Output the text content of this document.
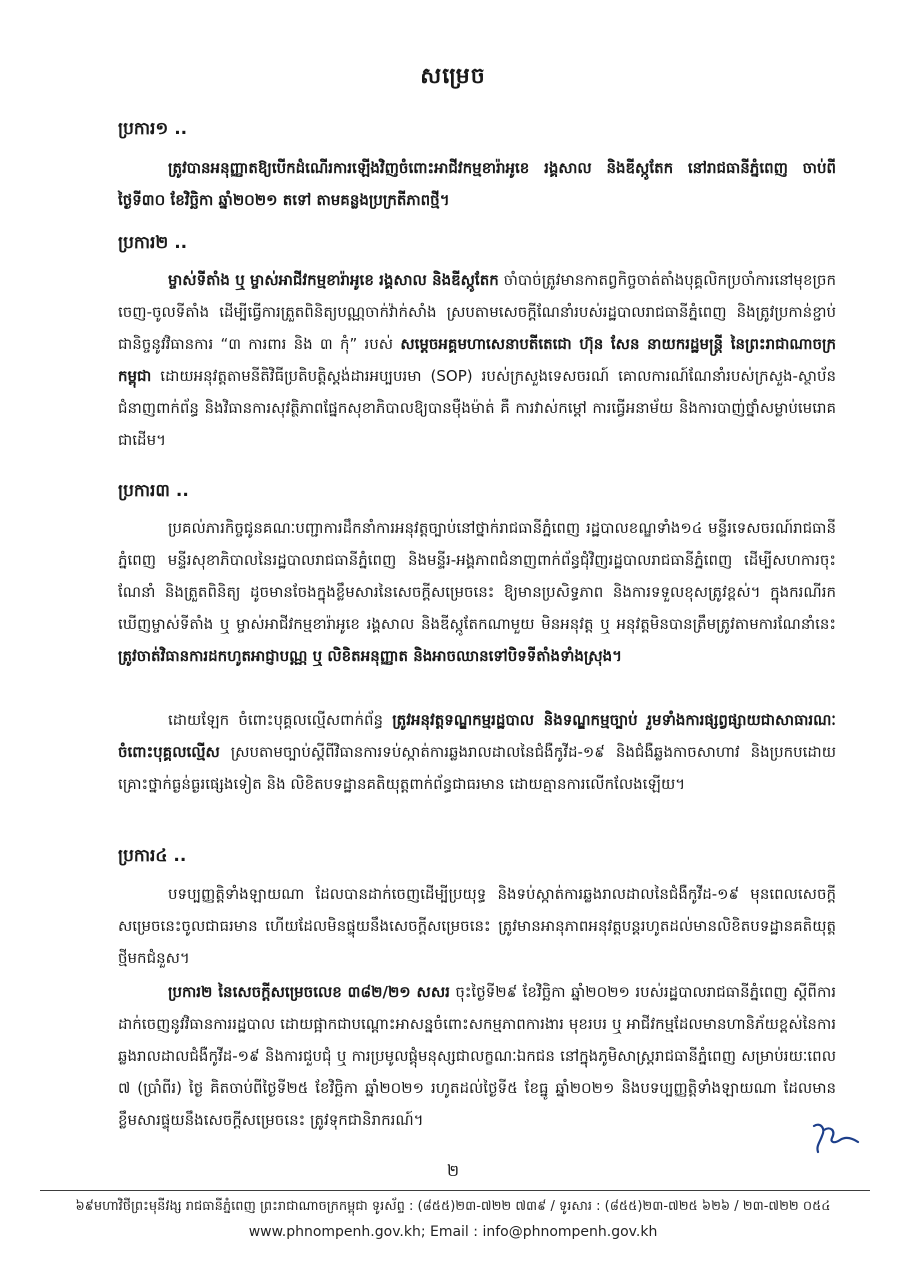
សម្រេច
ប្រការ១ ..
ត្រូវបានអនុញ្ញាតឱ្យបើកដំណើរការឡើងវិញចំពោះអាជីវកម្មខារ៉ាអូខេ រង្គសាល និងឌីស្កូតែក នៅរាជធានីភ្នំពេញ ចាប់ពីថ្ងៃទី៣០ ខែវិច្ឆិកា ឆ្នាំ២០២១ តទៅ តាមគន្លងប្រក្រតីភាពថ្មី។
ប្រការ២ ..
ម្ចាស់ទីតាំង ឬ ម្ចាស់អាជីវកម្មខារ៉ាអូខេ រង្គសាល និងឌីស្កូតែក ចាំបាច់ត្រូវមានកាតព្វកិច្ចចាត់តាំងបុគ្គលិកប្រចាំការនៅមុខច្រកចេញ-ចូលទីតាំង ដើម្បីធ្វើការត្រួតពិនិត្យបណ្ណចាក់វ៉ាក់សាំង ស្របតាមសេចក្តីណែនាំរបស់រដ្ឋបាលរាជធានីភ្នំពេញ និងត្រូវប្រកាន់ខ្ជាប់ជានិច្ចនូវវិធានការ “៣ ការពារ និង ៣ កុំ” របស់ សម្តេចអគ្គមហាសេនាបតីតេជោ ហ៊ុន សែន នាយករដ្ឋមន្ត្រី នៃព្រះរាជាណាចក្រកម្ពុជា ដោយអនុវត្តតាមនីតិវិធីប្រតិបត្តិស្តង់ដារអប្បបរមា (SOP) របស់ក្រសួងទេសចរណ៍ គោលការណ៍ណែនាំរបស់ក្រសួង-ស្ថាប័នជំនាញពាក់ព័ន្ធ និងវិធានការសុវត្ថិភាពផ្នែកសុខាភិបាលឱ្យបានម៉ឺងម៉ាត់ គឺ ការវាស់កម្តៅ ការធ្វើអនាម័យ និងការបាញ់ថ្នាំសម្លាប់មេរោគ ជាដើម។
ប្រការ៣ ..
ប្រគល់ភារកិច្ចជូនគណៈបញ្ជាការដឹកនាំការអនុវត្តច្បាប់នៅថ្នាក់រាជធានីភ្នំពេញ រដ្ឋបាលខណ្ឌទាំង១៤ មន្ទីរទេសចរណ៍រាជធានីភ្នំពេញ មន្ទីរសុខាភិបាលនៃរដ្ឋបាលរាជធានីភ្នំពេញ និងមន្ទីរ-អង្គភាពជំនាញពាក់ព័ន្ធជុំវិញរដ្ឋបាលរាជធានីភ្នំពេញ ដើម្បីសហការចុះណែនាំ និងត្រួតពិនិត្យ ដូចមានចែងក្នុងខ្លឹមសារនៃសេចក្តីសម្រេចនេះ ឱ្យមានប្រសិទ្ធភាព និងការទទួលខុសត្រូវខ្ពស់។ ក្នុងករណីរកឃើញម្ចាស់ទីតាំង ឬ ម្ចាស់អាជីវកម្មខារ៉ាអូខេ រង្គសាល និងឌីស្កូតែកណាមួយ មិនអនុវត្ត ឬ អនុវត្តមិនបានត្រឹមត្រូវតាមការណែនាំនេះ ត្រូវចាត់វិធានការដកហូតអាជ្ញាបណ្ណ ឬ លិខិតអនុញ្ញាត និងអាចឈានទៅបិទទីតាំងទាំងស្រុង។
ដោយឡែក ចំពោះបុគ្គលល្មើសពាក់ព័ន្ធ ត្រូវអនុវត្តទណ្ឌកម្មរដ្ឋបាល និងទណ្ឌកម្មច្បាប់ រួមទាំងការផ្សព្វផ្សាយជាសាធារណៈចំពោះបុគ្គលល្មើស ស្របតាមច្បាប់ស្តីពីវិធានការទប់ស្កាត់ការឆ្លងរាលដាលនៃជំងឺកូវីដ-១៩ និងជំងឺឆ្លងកាចសាហាវ និងប្រកបដោយគ្រោះថ្នាក់ធ្ងន់ធ្ងរផ្សេងទៀត និង លិខិតបទដ្ឋានគតិយុត្តពាក់ព័ន្ធជាធរមាន ដោយគ្មានការលើកលែងឡើយ។
ប្រការ៤ ..
បទប្បញ្ញត្តិទាំងឡាយណា ដែលបានដាក់ចេញដើម្បីប្រយុទ្ធ និងទប់ស្កាត់ការឆ្លងរាលដាលនៃជំងឺកូវីដ-១៩ មុនពេលសេចក្តីសម្រេចនេះចូលជាធរមាន ហើយដែលមិនផ្ទុយនឹងសេចក្តីសម្រេចនេះ ត្រូវមានអានុភាពអនុវត្តបន្តរហូតដល់មានលិខិតបទដ្ឋានគតិយុត្តថ្មីមកជំនួស។
ប្រការ២ នៃសេចក្តីសម្រេចលេខ ៣៨២/២១ សសរ ចុះថ្ងៃទី២៩ ខែវិច្ឆិកា ឆ្នាំ២០២១ របស់រដ្ឋបាលរាជធានីភ្នំពេញ ស្តីពីការដាក់ចេញនូវវិធានការរដ្ឋបាល ដោយផ្អាកជាបណ្តោះអាសន្នចំពោះសកម្មភាពការងារ មុខរបរ ឬ អាជីវកម្មដែលមានហានិភ័យខ្ពស់នៃការឆ្លងរាលដាលជំងឺកូវីដ-១៩ និងការជួបជុំ ឬ ការប្រមូលផ្តុំមនុស្សជាលក្ខណៈឯកជន នៅក្នុងភូមិសាស្ត្ររាជធានីភ្នំពេញ សម្រាប់រយៈពេល ៧ (ប្រាំពីរ) ថ្ងៃ គិតចាប់ពីថ្ងៃទី២៥ ខែវិច្ឆិកា ឆ្នាំ២០២១ រហូតដល់ថ្ងៃទី៥ ខែធ្នូ ឆ្នាំ២០២១ និងបទប្បញ្ញត្តិទាំងឡាយណា ដែលមានខ្លឹមសារផ្ទុយនឹងសេចក្តីសម្រេចនេះ ត្រូវទុកជានិរាករណ៍។
២
៦៩មហាវិថីព្រះមុនីវង្ស រាជធានីភ្នំពេញ ព្រះរាជាណាចក្រកម្ពុជា ទូរស័ព្ទ : (៨៥៥)២៣-៧២២ ៧៣៩ / ទូរសារ : (៨៥៥)២៣-៧២៥ ៦២៦ / ២៣-៧២២ ០៥៤
www.phnompenh.gov.kh; Email : info@phnompenh.gov.kh
